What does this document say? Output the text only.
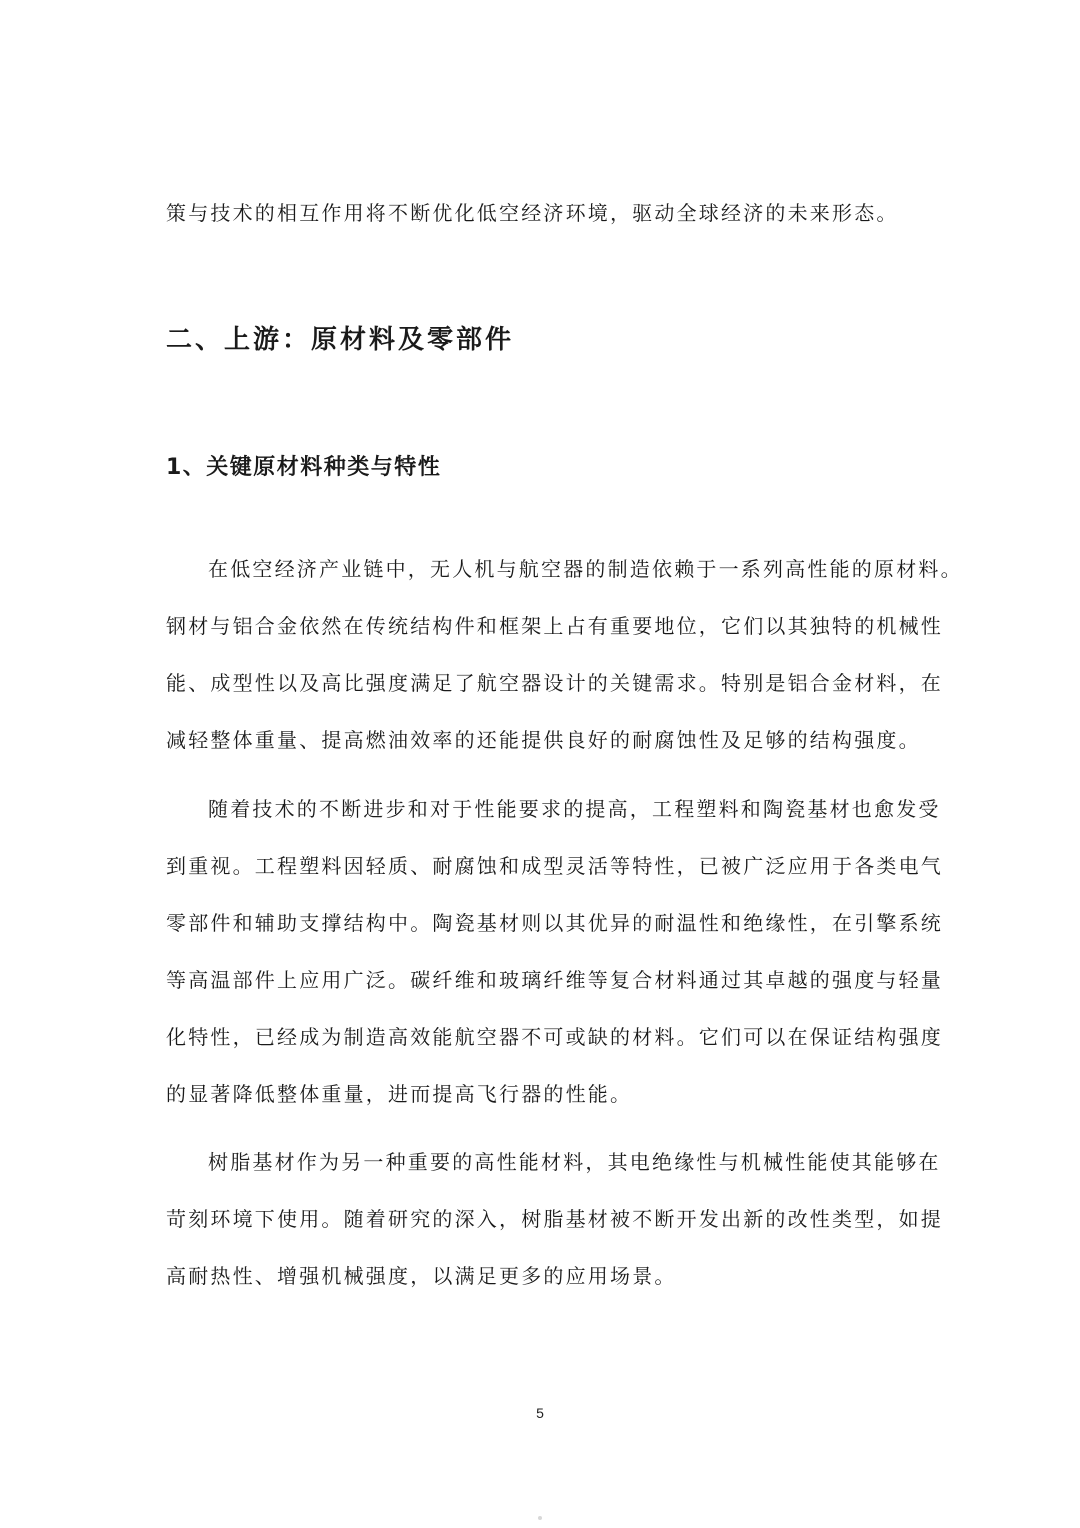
策与技术的相互作用将不断优化低空经济环境，驱动全球经济的未来形态。
二、上游：原材料及零部件
1、关键原材料种类与特性
在低空经济产业链中，无人机与航空器的制造依赖于一系列高性能的原材料。
钢材与铝合金依然在传统结构件和框架上占有重要地位，它们以其独特的机械性
能、成型性以及高比强度满足了航空器设计的关键需求。特别是铝合金材料，在
减轻整体重量、提高燃油效率的还能提供良好的耐腐蚀性及足够的结构强度。
随着技术的不断进步和对于性能要求的提高，工程塑料和陶瓷基材也愈发受
到重视。工程塑料因轻质、耐腐蚀和成型灵活等特性，已被广泛应用于各类电气
零部件和辅助支撑结构中。陶瓷基材则以其优异的耐温性和绝缘性，在引擎系统
等高温部件上应用广泛。碳纤维和玻璃纤维等复合材料通过其卓越的强度与轻量
化特性，已经成为制造高效能航空器不可或缺的材料。它们可以在保证结构强度
的显著降低整体重量，进而提高飞行器的性能。
树脂基材作为另一种重要的高性能材料，其电绝缘性与机械性能使其能够在
苛刻环境下使用。随着研究的深入，树脂基材被不断开发出新的改性类型，如提
高耐热性、增强机械强度，以满足更多的应用场景。
5
